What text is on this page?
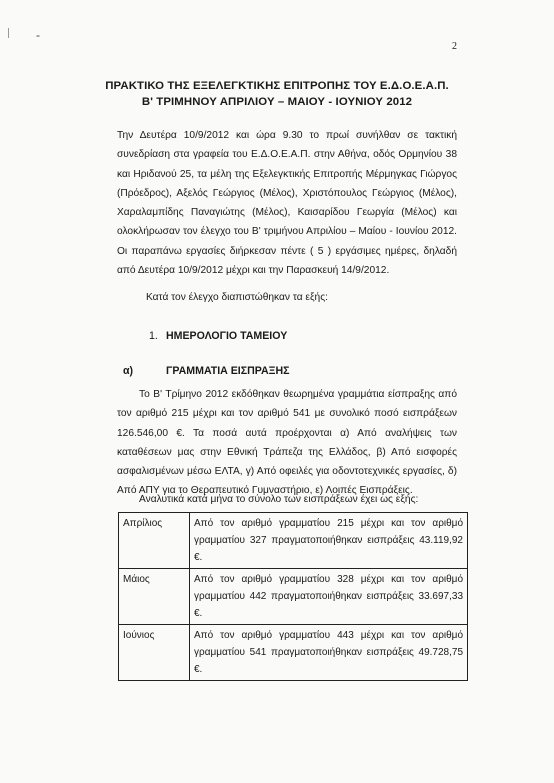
-
2
ΠΡΑΚΤΙΚΟ ΤΗΣ ΕΞΕΛΕΓΚΤΙΚΗΣ ΕΠΙΤΡΟΠΗΣ ΤΟΥ Ε.Δ.Ο.Ε.Α.Π.
Β' ΤΡΙΜΗΝΟΥ ΑΠΡΙΛΙΟΥ – ΜΑΙΟΥ - ΙΟΥΝΙΟΥ 2012
Την Δευτέρα 10/9/2012 και ώρα 9.30 το πρωί συνήλθαν σε τακτική συνεδρίαση στα γραφεία του Ε.Δ.Ο.Ε.Α.Π. στην Αθήνα, οδός Ορμηνίου 38 και Ηριδανού 25, τα μέλη της Εξελεγκτικής Επιτροπής Μέρμηγκας Γιώργος (Πρόεδρος), Αξελός Γεώργιος (Μέλος), Χριστόπουλος Γεώργιος (Μέλος), Χαραλαμπίδης Παναγιώτης (Μέλος), Καισαρίδου Γεωργία (Μέλος) και ολοκλήρωσαν τον έλεγχο του Β' τριμήνου Απριλίου – Μαίου - Ιουνίου 2012. Οι παραπάνω εργασίες διήρκεσαν πέντε ( 5 ) εργάσιμες ημέρες, δηλαδή από Δευτέρα 10/9/2012 μέχρι και την Παρασκευή 14/9/2012.
Κατά τον έλεγχο διαπιστώθηκαν τα εξής:
1. ΗΜΕΡΟΛΟΓΙΟ ΤΑΜΕΙΟΥ
α)	ΓΡΑΜΜΑΤΙΑ ΕΙΣΠΡΑΞΗΣ
Το Β' Τρίμηνο 2012 εκδόθηκαν θεωρημένα γραμμάτια είσπραξης από τον αριθμό 215 μέχρι και τον αριθμό 541 με συνολικό ποσό εισπράξεων 126.546,00 €. Τα ποσά αυτά προέρχονται α) Από αναλήψεις των καταθέσεων μας στην Εθνική Τράπεζα της Ελλάδος, β) Από εισφορές ασφαλισμένων μέσω ΕΛΤΑ, γ) Από οφειλές για οδοντοτεχνικές εργασίες, δ) Από ΑΠΥ για το Θεραπευτικό Γυμναστήριο, ε) Λοιπές Εισπράξεις.
Αναλυτικά κατά μήνα το σύνολο των εισπράξεων έχει ως εξής:
Απρίλιος	Από τον αριθμό γραμματίου 215 μέχρι και τον αριθμό γραμματίου 327 πραγματοποιήθηκαν εισπράξεις 43.119,92 €.
Μάιος	Από τον αριθμό γραμματίου 328 μέχρι και τον αριθμό γραμματίου 442 πραγματοποιήθηκαν εισπράξεις 33.697,33 €.
Ιούνιος	Από τον αριθμό γραμματίου 443 μέχρι και τον αριθμό γραμματίου 541 πραγματοποιήθηκαν εισπράξεις 49.728,75 €.
